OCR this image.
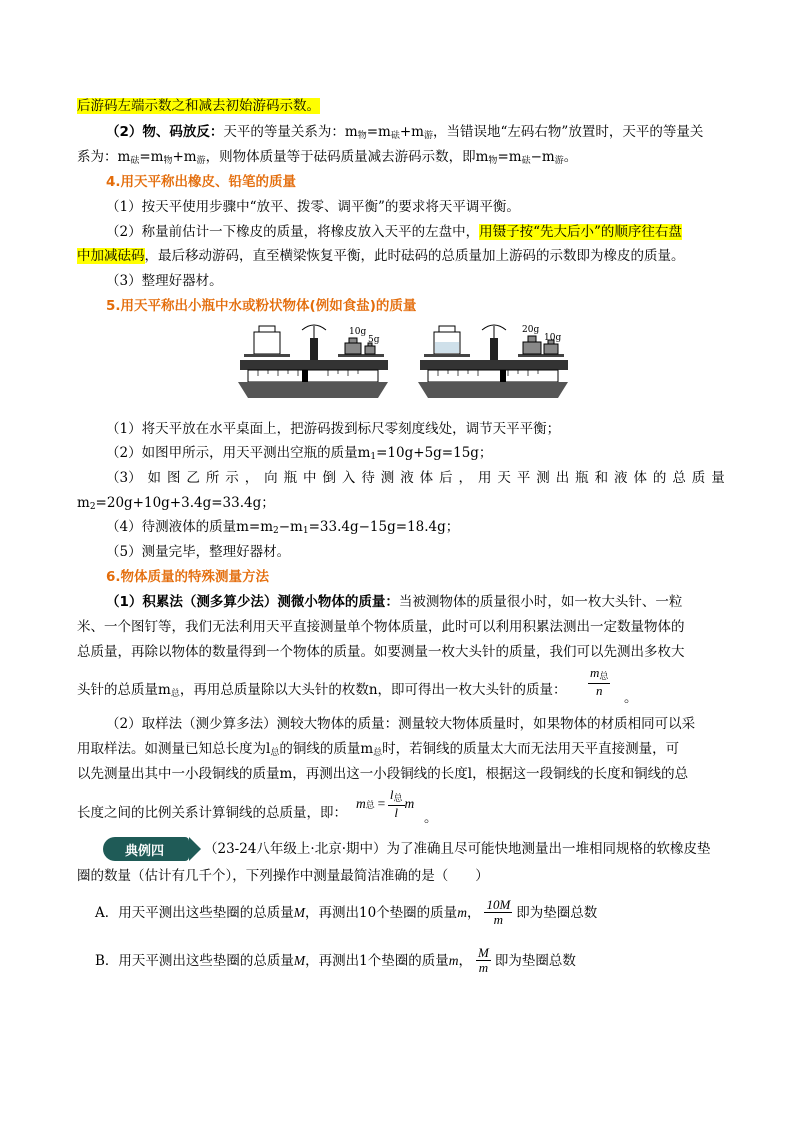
后游码左端示数之和减去初始游码示数。
（2）物、码放反：天平的等量关系为：$m_物=m_砝+m_游$，当错误地“左码右物”放置时，天平的等量关
系为：$m_砝=m_物+m_游$，则物体质量等于砝码质量减去游码示数，即$m_物=m_砝-m_游$。
4.用天平称出橡皮、铅笔的质量
（1）按天平使用步骤中“放平、拨零、调平衡”的要求将天平调平衡。
（2）称量前估计一下橡皮的质量，将橡皮放入天平的左盘中，用镊子按“先大后小”的顺序往右盘
中加减砝码，最后移动游码，直至横梁恢复平衡，此时砝码的总质量加上游码的示数即为橡皮的质量。
（3）整理好器材。
5.用天平称出小瓶中水或粉状物体(例如食盐)的质量
10g
5g
20g
10g
（1）将天平放在水平桌面上，把游码拨到标尺零刻度线处，调节天平平衡；
（2）如图甲所示，用天平测出空瓶的质量$m_1=10g+5g=15g$；
（3） 如 图 乙 所 示 ， 向 瓶 中 倒 入 待 测 液 体 后 ， 用 天 平 测 出 瓶 和 液 体 的 总 质 量
$m_2=20g+10g+3.4g=33.4g$；
（4）待测液体的质量$m=m_2-m_1=33.4g-15g=18.4g$；
（5）测量完毕，整理好器材。
6.物体质量的特殊测量方法
（1）积累法（测多算少法）测微小物体的质量：当被测物体的质量很小时，如一枚大头针、一粒
米、一个图钉等，我们无法利用天平直接测量单个物体质量，此时可以利用积累法测出一定数量物体的
总质量，再除以物体的数量得到一个物体的质量。如要测量一枚大头针的质量，我们可以先测出多枚大
头针的总质量$m_总$，再用总质量除以大头针的枚数n，即可得出一枚大头针的质量：
$m_总$
n	。
（2）取样法（测少算多法）测较大物体的质量：测量较大物体质量时，如果物体的材质相同可以采
用取样法。如测量已知总长度为$l_总$的铜线的质量$m_总$时，若铜线的质量太大而无法用天平直接测量，可
以先测量出其中一小段铜线的质量m，再测出这一小段铜线的长度l，根据这一段铜线的长度和铜线的总
长度之间的比例关系计算铜线的总质量，即：
m 总 = $\frac{l_总}{l}$ m
。
典例四	（23-24八年级上·北京·期中）为了准确且尽可能快地测量出一堆相同规格的软橡皮垫
圈的数量（估计有几千个），下列操作中测量最简洁准确的是（　　）
A．用天平测出这些垫圈的总质量 M ，再测出10个垫圈的质量 m ， $\frac{10M}{m}$ 即为垫圈总数
B．用天平测出这些垫圈的总质量 M ，再测出1个垫圈的质量 m ， $\frac{M}{m}$ 即为垫圈总数
